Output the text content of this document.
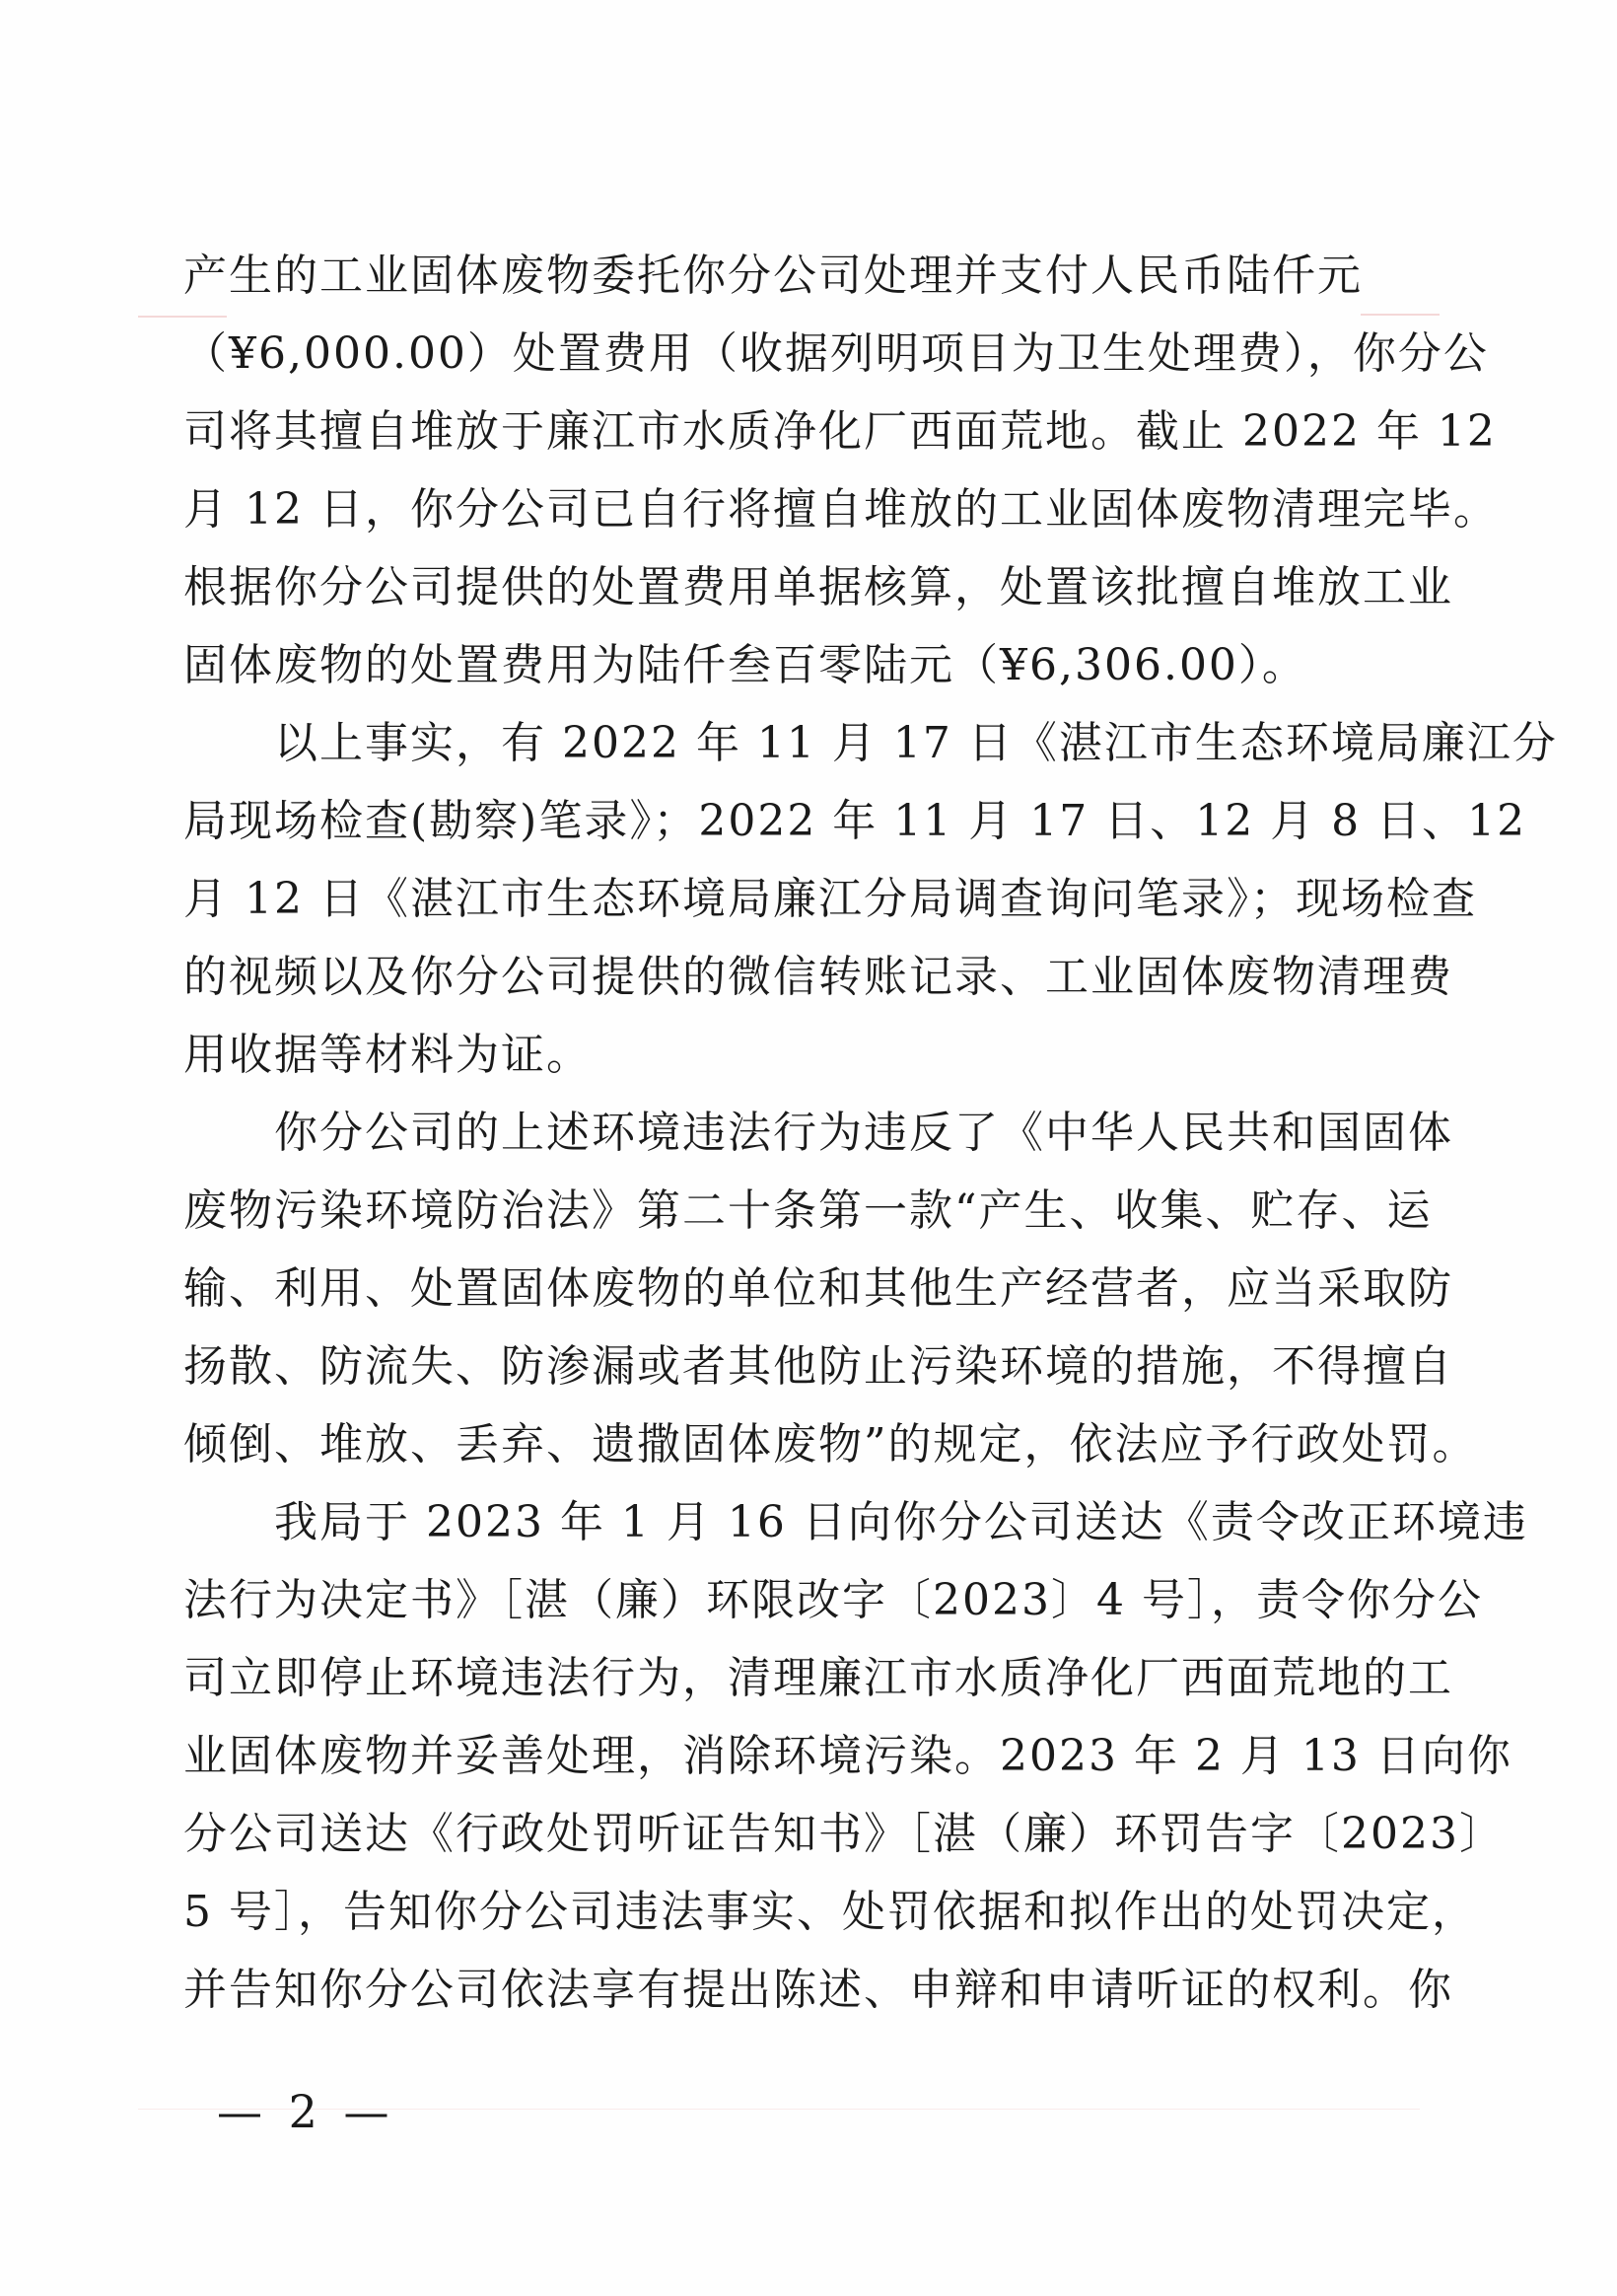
产生的工业固体废物委托你分公司处理并支付人民币陆仟元
（¥6,000.00）处置费用（收据列明项目为卫生处理费），你分公
司将其擅自堆放于廉江市水质净化厂西面荒地。截止 2022 年 12
月 12 日，你分公司已自行将擅自堆放的工业固体废物清理完毕。
根据你分公司提供的处置费用单据核算，处置该批擅自堆放工业
固体废物的处置费用为陆仟叁百零陆元（¥6,306.00）。
　　以上事实，有 2022 年 11 月 17 日《湛江市生态环境局廉江分
局现场检查(勘察)笔录》；2022 年 11 月 17 日、12 月 8 日、12
月 12 日《湛江市生态环境局廉江分局调查询问笔录》；现场检查
的视频以及你分公司提供的微信转账记录、工业固体废物清理费
用收据等材料为证。
　　你分公司的上述环境违法行为违反了《中华人民共和国固体
废物污染环境防治法》第二十条第一款“产生、收集、贮存、运
输、利用、处置固体废物的单位和其他生产经营者，应当采取防
扬散、防流失、防渗漏或者其他防止污染环境的措施，不得擅自
倾倒、堆放、丢弃、遗撒固体废物”的规定，依法应予行政处罚。
　　我局于 2023 年 1 月 16 日向你分公司送达《责令改正环境违
法行为决定书》［湛（廉）环限改字〔2023〕4 号］，责令你分公
司立即停止环境违法行为，清理廉江市水质净化厂西面荒地的工
业固体废物并妥善处理，消除环境污染。2023 年 2 月 13 日向你
分公司送达《行政处罚听证告知书》［湛（廉）环罚告字〔2023〕
5 号］，告知你分公司违法事实、处罚依据和拟作出的处罚决定，
并告知你分公司依法享有提出陈述、申辩和申请听证的权利。你
— 2 —
